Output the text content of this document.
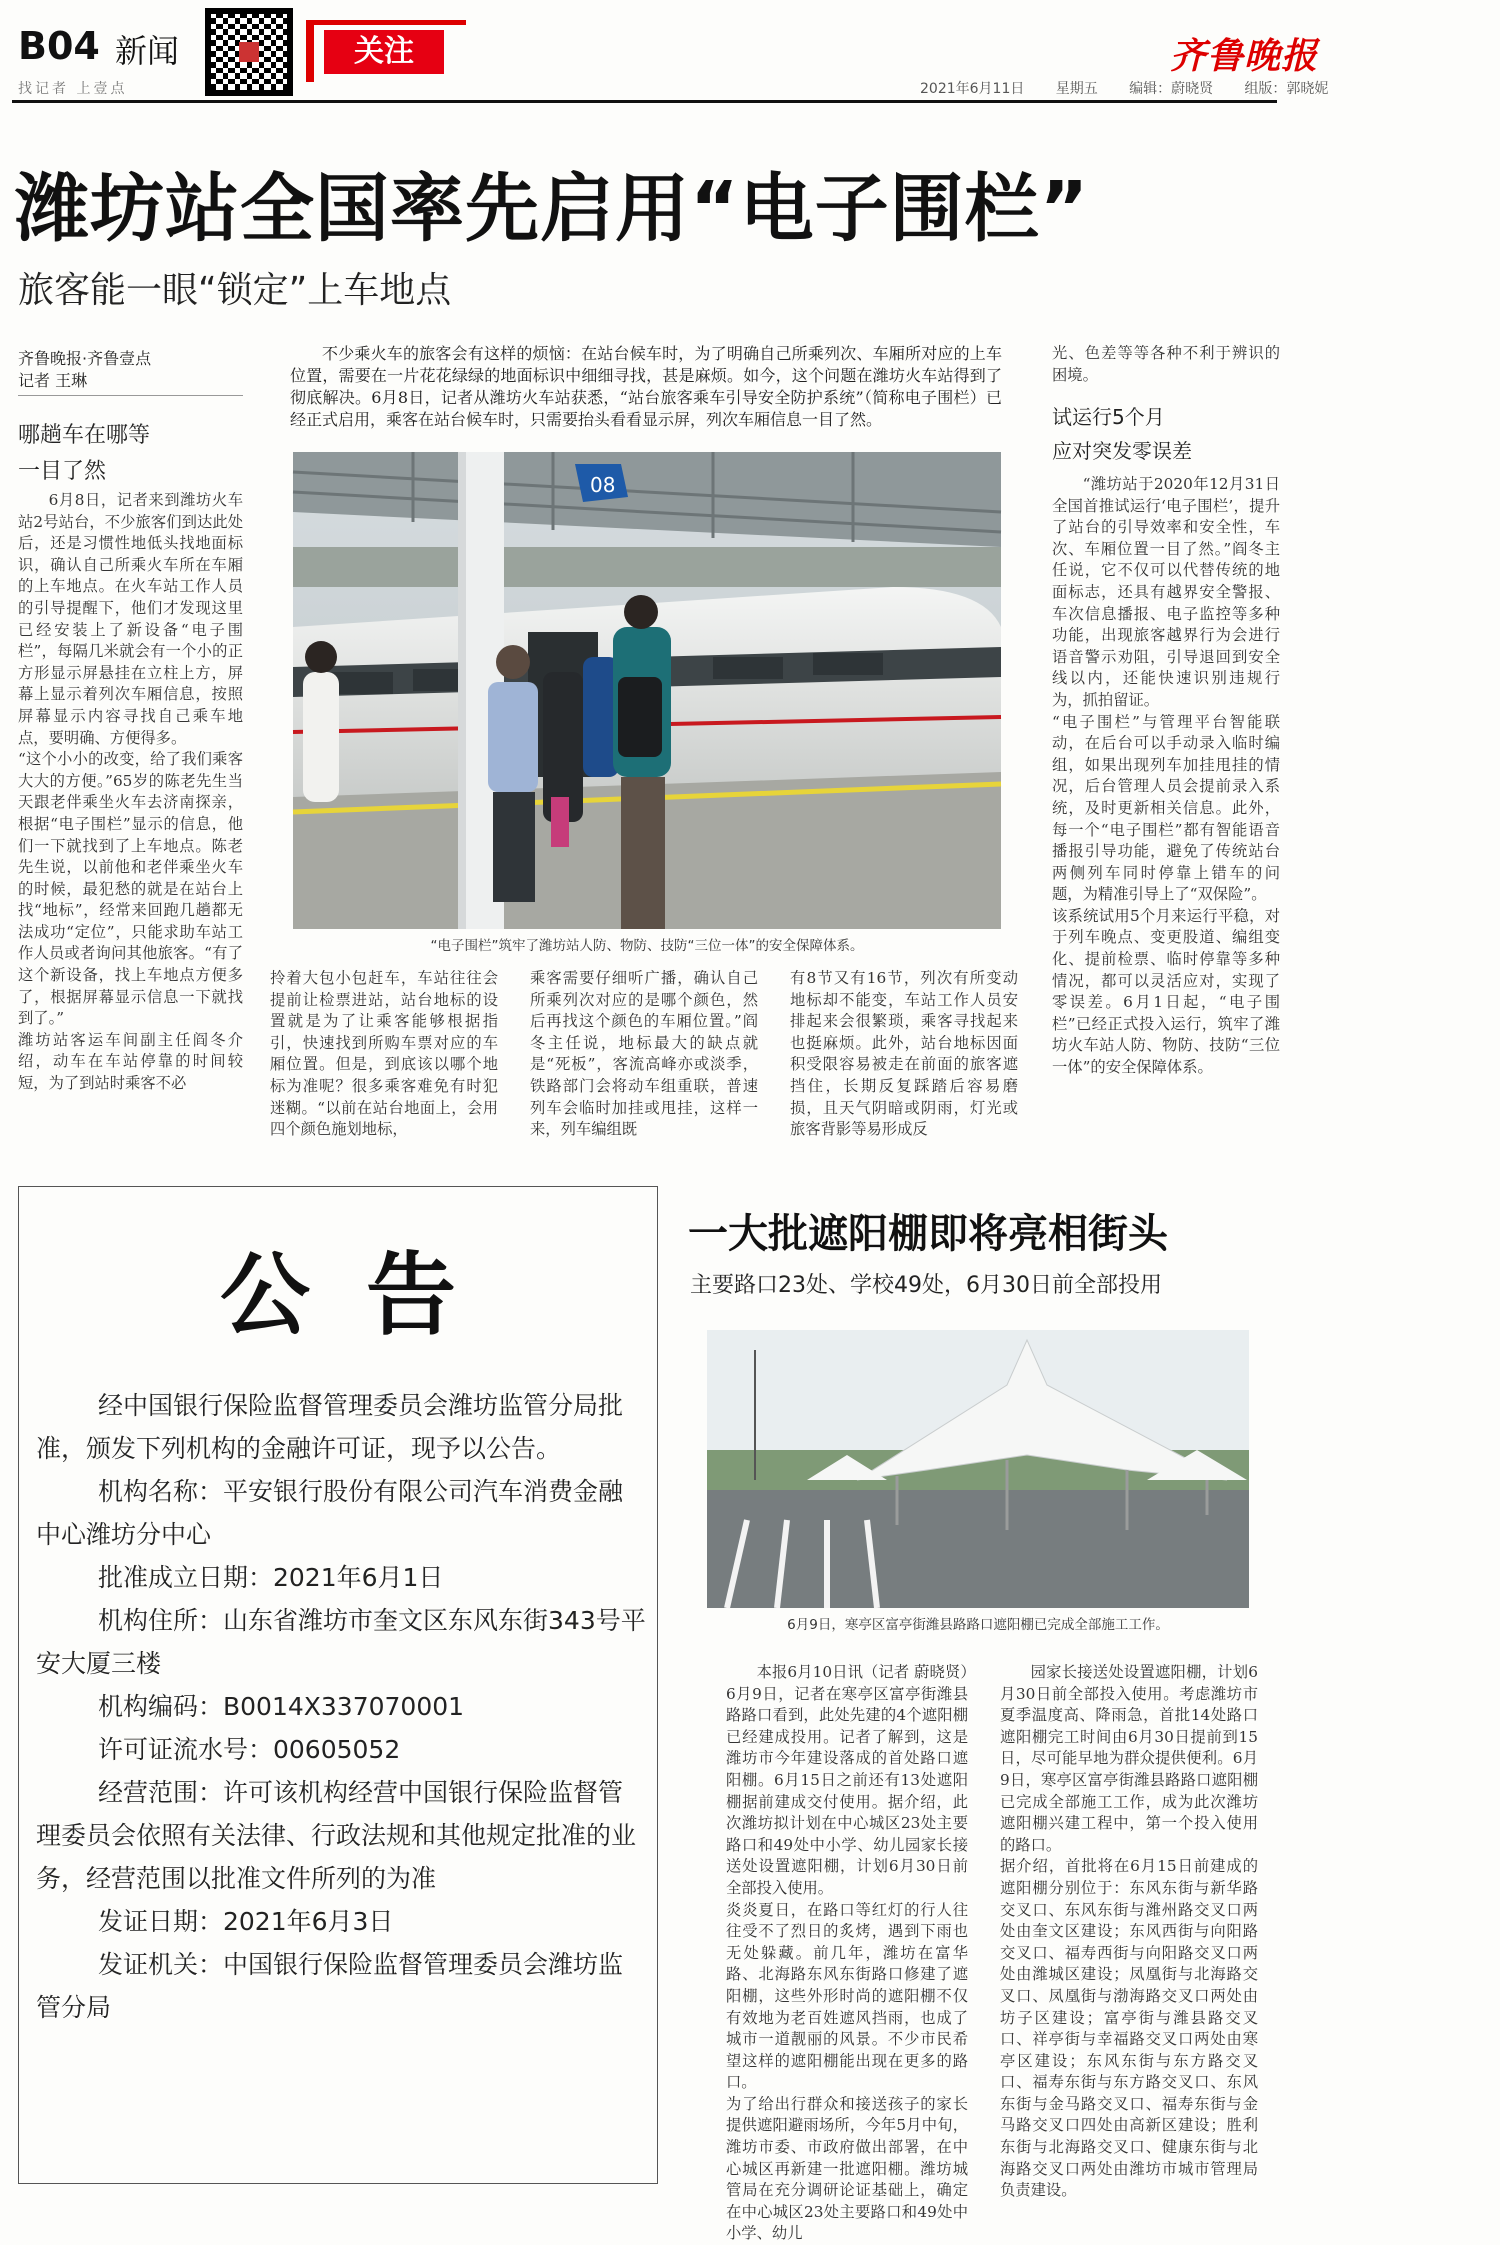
B04 新闻
找记者 上壹点
关注	齐鲁晚报
2021年6月11日 星期五 编辑：蔚晓贤 组版：郭晓妮
潍坊站全国率先启用“电子围栏”
旅客能一眼“锁定”上车地点
齐鲁晚报·齐鲁壹点
记者 王琳
哪趟车在哪等
一目了然
不少乘火车的旅客会有这样的烦恼：在站台候车时，为了明确自己所乘列次、车厢所对应的上车位置，需要在一片花花绿绿的地面标识中细细寻找，甚是麻烦。如今，这个问题在潍坊火车站得到了彻底解决。6月8日，记者从潍坊火车站获悉，“站台旅客乘车引导安全防护系统”（简称电子围栏）已经正式启用，乘客在站台候车时，只需要抬头看看显示屏，列次车厢信息一目了然。
6月8日，记者来到潍坊火车站2号站台，不少旅客们到达此处后，还是习惯性地低头找地面标识，确认自己所乘火车所在车厢的上车地点。在火车站工作人员的引导提醒下，他们才发现这里已经安装上了新设备“电子围栏”，每隔几米就会有一个小的正方形显示屏悬挂在立柱上方，屏幕上显示着列次车厢信息，按照屏幕显示内容寻找自己乘车地点，要明确、方便得多。
“这个小小的改变，给了我们乘客大大的方便。”65岁的陈老先生当天跟老伴乘坐火车去济南探亲，根据“电子围栏”显示的信息，他们一下就找到了上车地点。陈老先生说，以前他和老伴乘坐火车的时候，最犯愁的就是在站台上找“地标”，经常来回跑几趟都无法成功“定位”，只能求助车站工作人员或者询问其他旅客。“有了这个新设备，找上车地点方便多了，根据屏幕显示信息一下就找到了。”
潍坊站客运车间副主任阎冬介绍，动车在车站停靠的时间较短，为了到站时乘客不必
08
“电子围栏”筑牢了潍坊站人防、物防、技防“三位一体”的安全保障体系。
拎着大包小包赶车，车站往往会提前让检票进站，站台地标的设置就是为了让乘客能够根据指引，快速找到所购车票对应的车厢位置。但是，到底该以哪个地标为准呢？很多乘客难免有时犯迷糊。“以前在站台地面上，会用四个颜色施划地标，
乘客需要仔细听广播，确认自己所乘列次对应的是哪个颜色，然后再找这个颜色的车厢位置。”阎冬主任说，地标最大的缺点就是“死板”，客流高峰亦或淡季，铁路部门会将动车组重联，普速列车会临时加挂或甩挂，这样一来，列车编组既
有8节又有16节，列次有所变动地标却不能变，车站工作人员安排起来会很繁琐，乘客寻找起来也挺麻烦。此外，站台地标因面积受限容易被走在前面的旅客遮挡住，长期反复踩踏后容易磨损，且天气阴暗或阴雨，灯光或旅客背影等易形成反
光、色差等等各种不利于辨识的困境。
试运行5个月
应对突发零误差
“潍坊站于2020年12月31日全国首推试运行‘电子围栏’，提升了站台的引导效率和安全性，车次、车厢位置一目了然。”阎冬主任说，它不仅可以代替传统的地面标志，还具有越界安全警报、车次信息播报、电子监控等多种功能，出现旅客越界行为会进行语音警示劝阻，引导退回到安全线以内，还能快速识别违规行为，抓拍留证。
“电子围栏”与管理平台智能联动，在后台可以手动录入临时编组，如果出现列车加挂甩挂的情况，后台管理人员会提前录入系统，及时更新相关信息。此外，每一个“电子围栏”都有智能语音播报引导功能，避免了传统站台两侧列车同时停靠上错车的问题，为精准引导上了“双保险”。
该系统试用5个月来运行平稳，对于列车晚点、变更股道、编组变化、提前检票、临时停靠等多种情况，都可以灵活应对，实现了零误差。6月1日起，“电子围栏”已经正式投入运行，筑牢了潍坊火车站人防、物防、技防“三位一体”的安全保障体系。
公告

经中国银行保险监督管理委员会潍坊监管分局批准，颁发下列机构的金融许可证，现予以公告。

机构名称：平安银行股份有限公司汽车消费金融中心潍坊分中心

批准成立日期：2021年6月1日

机构住所：山东省潍坊市奎文区东风东街343号平安大厦三楼

机构编码：B0014X337070001

许可证流水号：00605052

经营范围：许可该机构经营中国银行保险监督管理委员会依照有关法律、行政法规和其他规定批准的业务，经营范围以批准文件所列的为准

发证日期：2021年6月3日

发证机关：中国银行保险监督管理委员会潍坊监管分局

一大批遮阳棚即将亮相街头
主要路口23处、学校49处，6月30日前全部投用
6月9日，寒亭区富亭街潍县路路口遮阳棚已完成全部施工工作。
本报6月10日讯（记者 蔚晓贤）6月9日，记者在寒亭区富亭街潍县路路口看到，此处先建的4个遮阳棚已经建成投用。记者了解到，这是潍坊市今年建设落成的首处路口遮阳棚。6月15日之前还有13处遮阳棚据前建成交付使用。据介绍，此次潍坊拟计划在中心城区23处主要路口和49处中小学、幼儿园家长接送处设置遮阳棚，计划6月30日前全部投入使用。
炎炎夏日，在路口等红灯的行人往往受不了烈日的炙烤，遇到下雨也无处躲藏。前几年，潍坊在富华路、北海路东风东街路口修建了遮阳棚，这些外形时尚的遮阳棚不仅有效地为老百姓遮风挡雨，也成了城市一道靓丽的风景。不少市民希望这样的遮阳棚能出现在更多的路口。
为了给出行群众和接送孩子的家长提供遮阳避雨场所，今年5月中旬，潍坊市委、市政府做出部署，在中心城区再新建一批遮阳棚。潍坊城管局在充分调研论证基础上，确定在中心城区23处主要路口和49处中小学、幼儿
园家长接送处设置遮阳棚，计划6月30日前全部投入使用。考虑潍坊市夏季温度高、降雨急，首批14处路口遮阳棚完工时间由6月30日提前到15日，尽可能早地为群众提供便利。6月9日，寒亭区富亭街潍县路路口遮阳棚已完成全部施工工作，成为此次潍坊遮阳棚兴建工程中，第一个投入使用的路口。
据介绍，首批将在6月15日前建成的遮阳棚分别位于：东风东街与新华路交叉口、东风东街与潍州路交叉口两处由奎文区建设；东风西街与向阳路交叉口、福寿西街与向阳路交叉口两处由潍城区建设；凤凰街与北海路交叉口、凤凰街与渤海路交叉口两处由坊子区建设；富亭街与潍县路交叉口、祥亭街与幸福路交叉口两处由寒亭区建设；东风东街与东方路交叉口、福寿东街与东方路交叉口、东风东街与金马路交叉口、福寿东街与金马路交叉口四处由高新区建设；胜利东街与北海路交叉口、健康东街与北海路交叉口两处由潍坊市城市管理局负责建设。
